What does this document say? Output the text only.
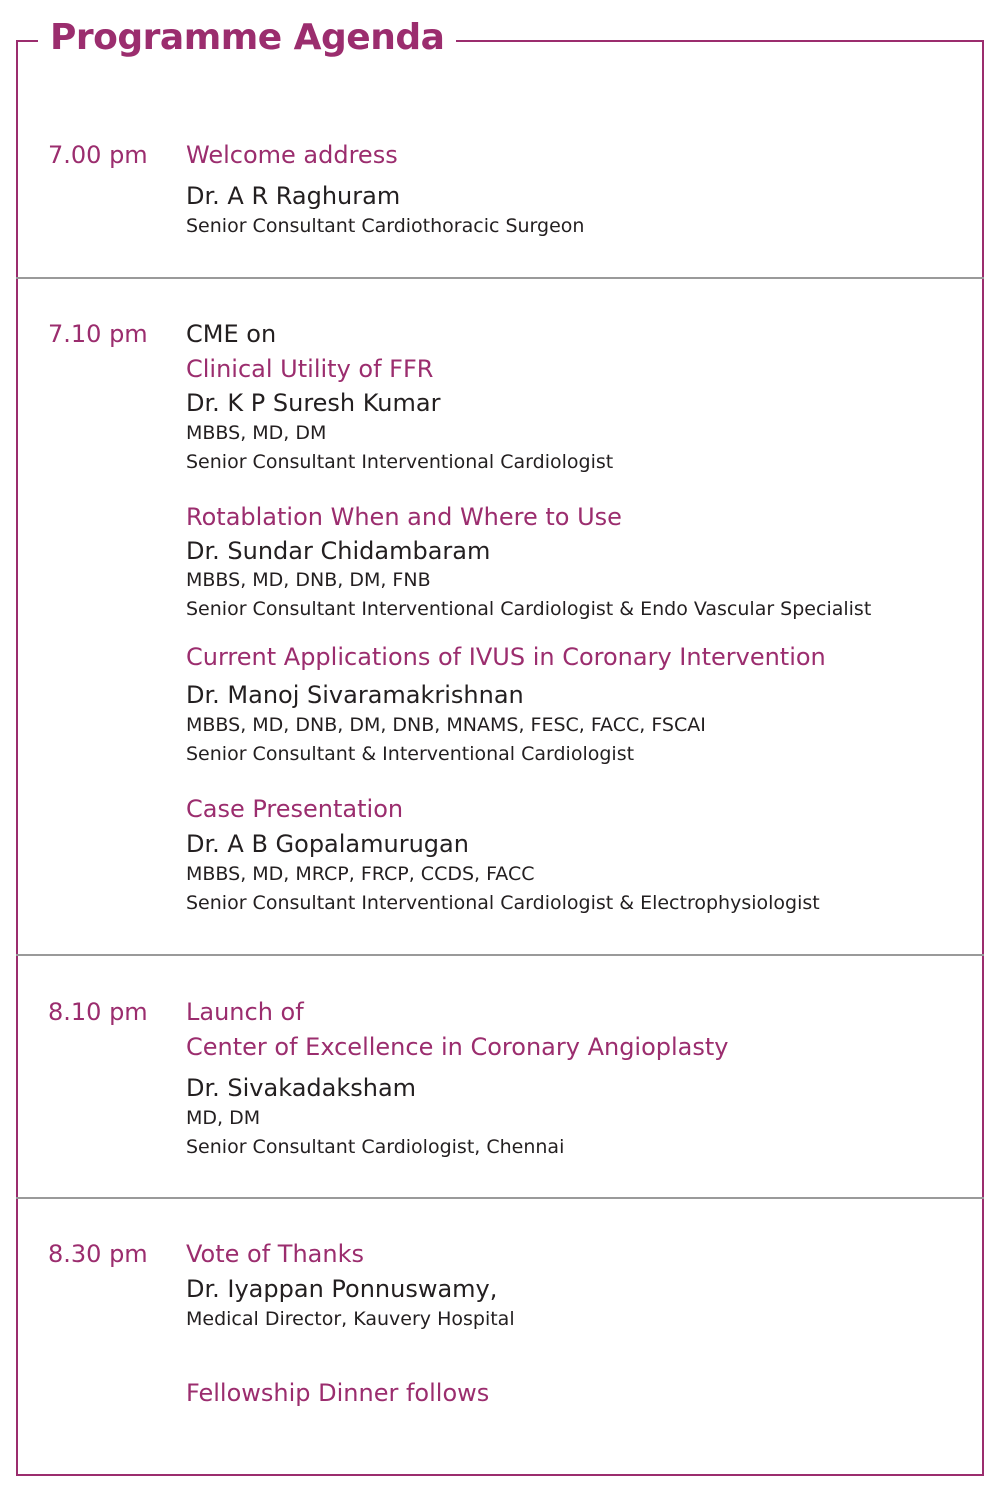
Programme Agenda
7.00 pm Welcome address
Dr. A R Raghuram
Senior Consultant Cardiothoracic Surgeon
7.10 pm CME on
Clinical Utility of FFR
Dr. K P Suresh Kumar
MBBS, MD, DM
Senior Consultant Interventional Cardiologist
Rotablation When and Where to Use
Dr. Sundar Chidambaram
MBBS, MD, DNB, DM, FNB
Senior Consultant Interventional Cardiologist & Endo Vascular Specialist
Current Applications of IVUS in Coronary Intervention
Dr. Manoj Sivaramakrishnan
MBBS, MD, DNB, DM, DNB, MNAMS, FESC, FACC, FSCAI
Senior Consultant & Interventional Cardiologist
Case Presentation
Dr. A B Gopalamurugan
MBBS, MD, MRCP, FRCP, CCDS, FACC
Senior Consultant Interventional Cardiologist & Electrophysiologist
8.10 pm Launch of
Center of Excellence in Coronary Angioplasty
Dr. Sivakadaksham
MD, DM
Senior Consultant Cardiologist, Chennai
8.30 pm Vote of Thanks
Dr. Iyappan Ponnuswamy,
Medical Director, Kauvery Hospital
Fellowship Dinner follows
